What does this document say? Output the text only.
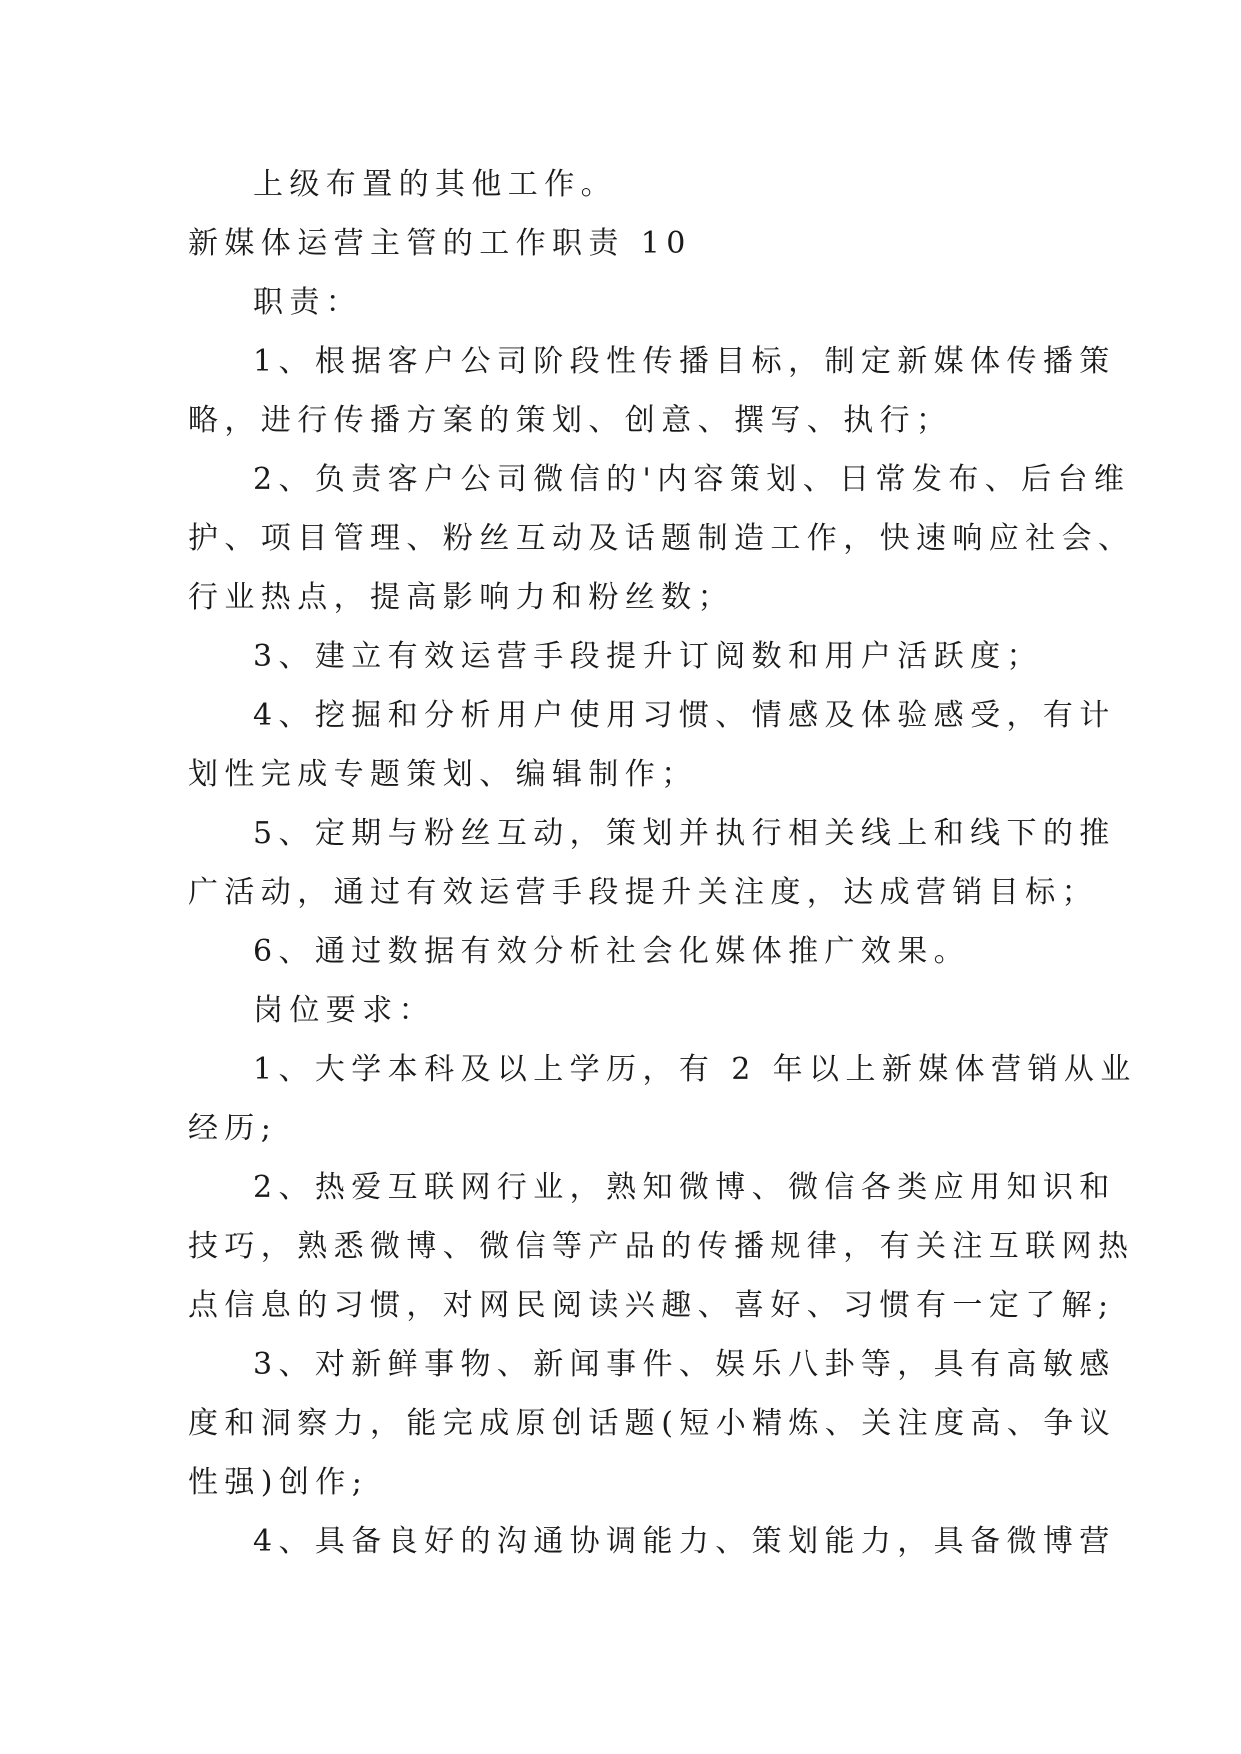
上级布置的其他工作。
新媒体运营主管的工作职责 10
职责：
1、根据客户公司阶段性传播目标，制定新媒体传播策
略，进行传播方案的策划、创意、撰写、执行；
2、负责客户公司微信的'内容策划、日常发布、后台维
护、项目管理、粉丝互动及话题制造工作，快速响应社会、
行业热点，提高影响力和粉丝数；
3、建立有效运营手段提升订阅数和用户活跃度；
4、挖掘和分析用户使用习惯、情感及体验感受，有计
划性完成专题策划、编辑制作；
5、定期与粉丝互动，策划并执行相关线上和线下的推
广活动，通过有效运营手段提升关注度，达成营销目标；
6、通过数据有效分析社会化媒体推广效果。
岗位要求：
1、大学本科及以上学历，有 2 年以上新媒体营销从业
经历;
2、热爱互联网行业，熟知微博、微信各类应用知识和
技巧，熟悉微博、微信等产品的传播规律，有关注互联网热
点信息的习惯，对网民阅读兴趣、喜好、习惯有一定了解;
3、对新鲜事物、新闻事件、娱乐八卦等，具有高敏感
度和洞察力，能完成原创话题(短小精炼、关注度高、争议
性强)创作;
4、具备良好的沟通协调能力、策划能力，具备微博营
